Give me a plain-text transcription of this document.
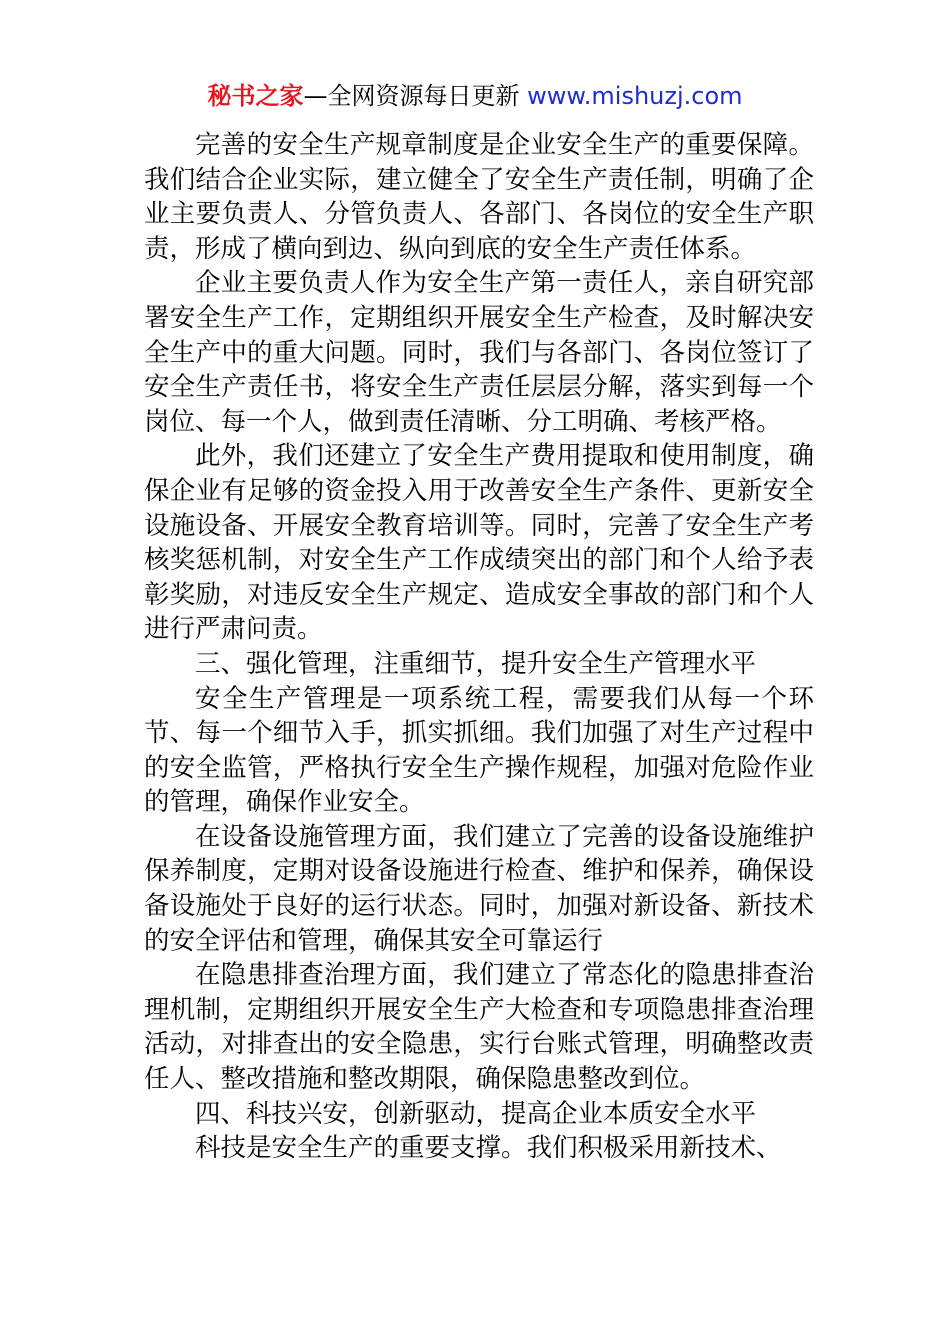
秘书之家—全网资源每日更新 www.mishuzj.com

完善的安全生产规章制度是企业安全生产的重要保障。我们结合企业实际，建立健全了安全生产责任制，明确了企业主要负责人、分管负责人、各部门、各岗位的安全生产职责，形成了横向到边、纵向到底的安全生产责任体系。

企业主要负责人作为安全生产第一责任人，亲自研究部署安全生产工作，定期组织开展安全生产检查，及时解决安全生产中的重大问题。同时，我们与各部门、各岗位签订了安全生产责任书，将安全生产责任层层分解，落实到每一个岗位、每一个人，做到责任清晰、分工明确、考核严格。

此外，我们还建立了安全生产费用提取和使用制度，确保企业有足够的资金投入用于改善安全生产条件、更新安全设施设备、开展安全教育培训等。同时，完善了安全生产考核奖惩机制，对安全生产工作成绩突出的部门和个人给予表彰奖励，对违反安全生产规定、造成安全事故的部门和个人进行严肃问责。

三、强化管理，注重细节，提升安全生产管理水平

安全生产管理是一项系统工程，需要我们从每一个环节、每一个细节入手，抓实抓细。我们加强了对生产过程中的安全监管，严格执行安全生产操作规程，加强对危险作业的管理，确保作业安全。

在设备设施管理方面，我们建立了完善的设备设施维护保养制度，定期对设备设施进行检查、维护和保养，确保设备设施处于良好的运行状态。同时，加强对新设备、新技术的安全评估和管理，确保其安全可靠运行

在隐患排查治理方面，我们建立了常态化的隐患排查治理机制，定期组织开展安全生产大检查和专项隐患排查治理活动，对排查出的安全隐患，实行台账式管理，明确整改责任人、整改措施和整改期限，确保隐患整改到位。

四、科技兴安，创新驱动，提高企业本质安全水平

科技是安全生产的重要支撑。我们积极采用新技术、
